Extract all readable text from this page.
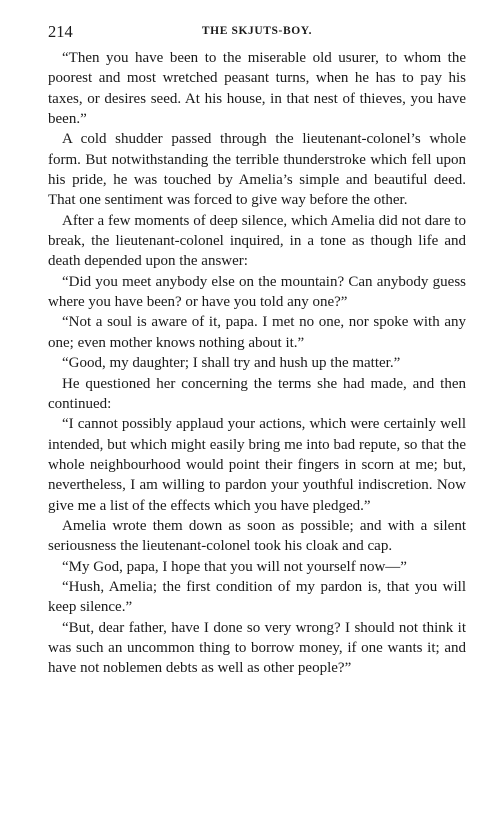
214	THE SKJUTS-BOY.

“Then you have been to the miserable old usurer, to whom the poorest and most wretched peasant turns, when he has to pay his taxes, or desires seed. At his house, in that nest of thieves, you have been.”

A cold shudder passed through the lieutenant-colonel’s whole form. But notwithstanding the terrible thunderstroke which fell upon his pride, he was touched by Amelia’s simple and beautiful deed. That one sentiment was forced to give way before the other.

After a few moments of deep silence, which Amelia did not dare to break, the lieutenant-colonel inquired, in a tone as though life and death depended upon the answer:

“Did you meet anybody else on the mountain? Can anybody guess where you have been? or have you told any one?”

“Not a soul is aware of it, papa. I met no one, nor spoke with any one; even mother knows nothing about it.”

“Good, my daughter; I shall try and hush up the matter.”

He questioned her concerning the terms she had made, and then continued:

“I cannot possibly applaud your actions, which were certainly well intended, but which might easily bring me into bad repute, so that the whole neighbourhood would point their fingers in scorn at me; but, nevertheless, I am willing to pardon your youthful indiscretion. Now give me a list of the effects which you have pledged.”

Amelia wrote them down as soon as possible; and with a silent seriousness the lieutenant-colonel took his cloak and cap.

“My God, papa, I hope that you will not yourself now—”

“Hush, Amelia; the first condition of my pardon is, that you will keep silence.”

“But, dear father, have I done so very wrong? I should not think it was such an uncommon thing to borrow money, if one wants it; and have not noblemen debts as well as other people?”
